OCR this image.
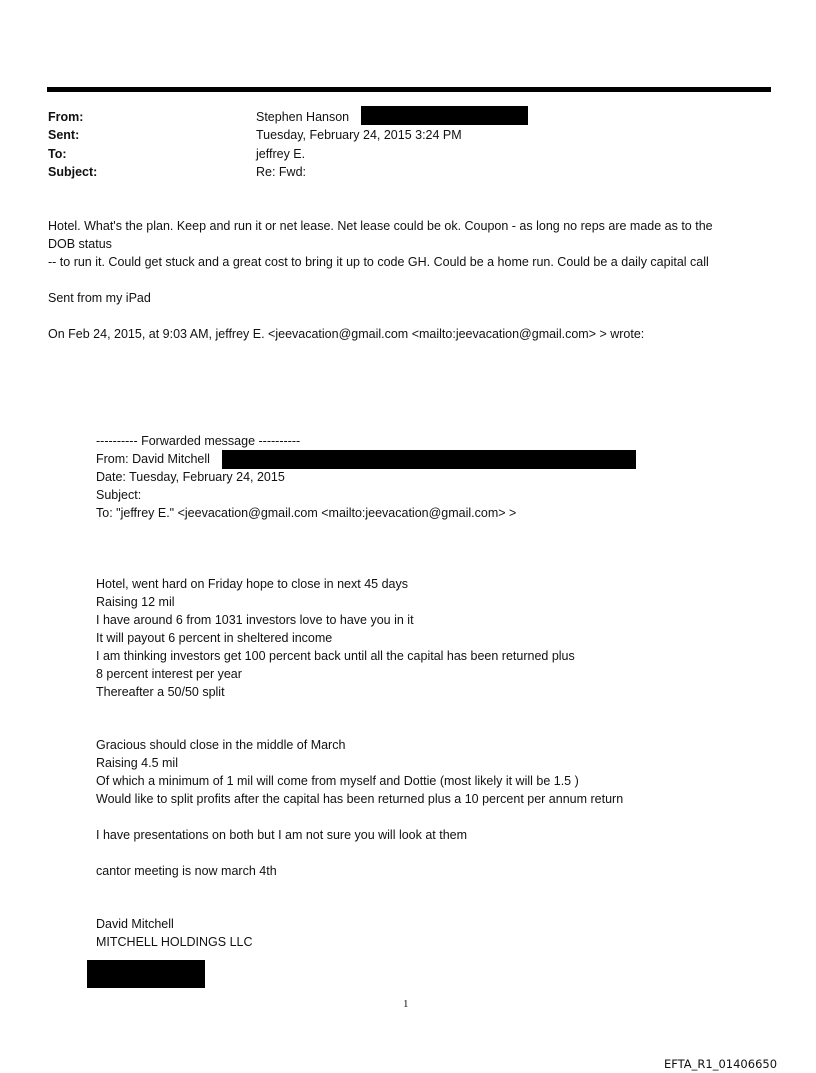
From:	Stephen Hanson
Sent:	Tuesday, February 24, 2015 3:24 PM
To:	jeffrey E.
Subject:	Re: Fwd:
Hotel. What's the plan. Keep and run it or net lease. Net lease could be ok. Coupon - as long no reps are made as to the
DOB status
-- to run it. Could get stuck and a great cost to bring it up to code GH. Could be a home run. Could be a daily capital call
Sent from my iPad
On Feb 24, 2015, at 9:03 AM, jeffrey E. <jeevacation@gmail.com <mailto:jeevacation@gmail.com> > wrote:
---------- Forwarded message ----------
From: David Mitchell
Date: Tuesday, February 24, 2015
Subject:
To: "jeffrey E." <jeevacation@gmail.com <mailto:jeevacation@gmail.com> >
Hotel, went hard on Friday hope to close in next 45 days
Raising 12 mil
I have around 6 from 1031 investors love to have you in it
It will payout 6 percent in sheltered income
I am thinking investors get 100 percent back until all the capital has been returned plus
8 percent interest per year
Thereafter a 50/50 split
Gracious should close in the middle of March
Raising 4.5 mil
Of which a minimum of 1 mil will come from myself and Dottie (most likely it will be 1.5 )
Would like to split profits after the capital has been returned plus a 10 percent per annum return
I have presentations on both but I am not sure you will look at them
cantor meeting is now march 4th
David Mitchell
MITCHELL HOLDINGS LLC
1
EFTA_R1_01406650
